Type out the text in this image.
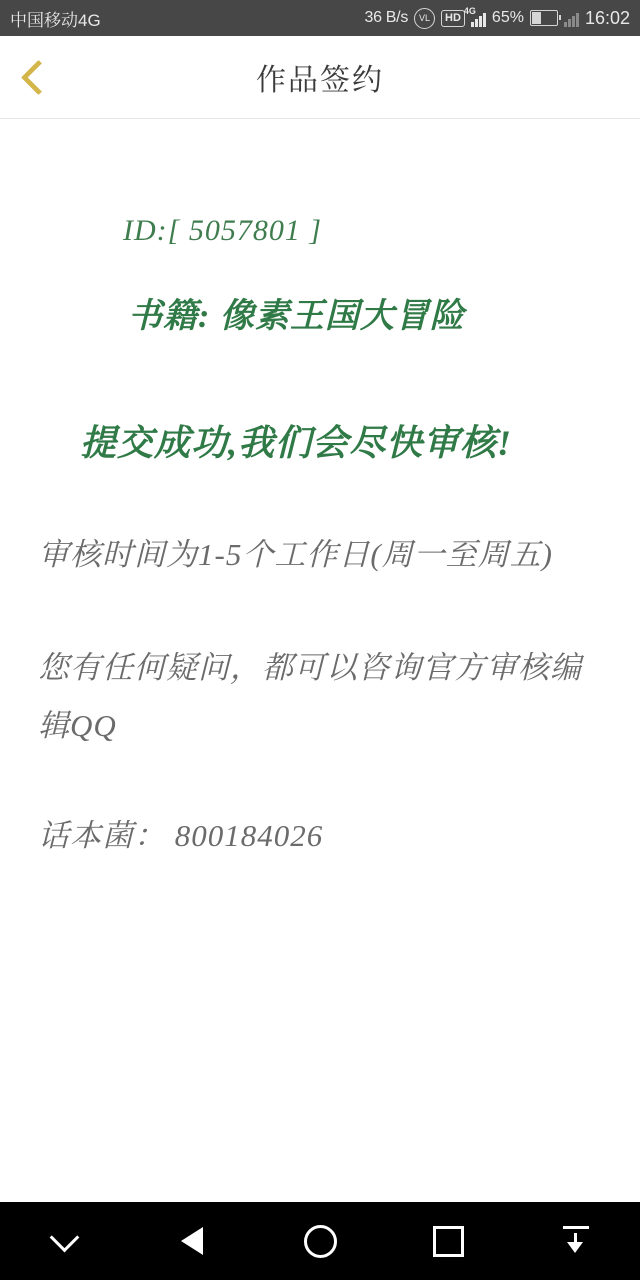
中国移动4G	36 B/s	VL	HD
4G 65%	16:02
作品签约
ID:[ 5057801 ]
书籍: 像素王国大冒险
提交成功,我们会尽快审核!
审核时间为1-5个工作日(周一至周五)
您有任何疑问，都可以咨询官方审核编辑QQ
话本菌： 800184026
